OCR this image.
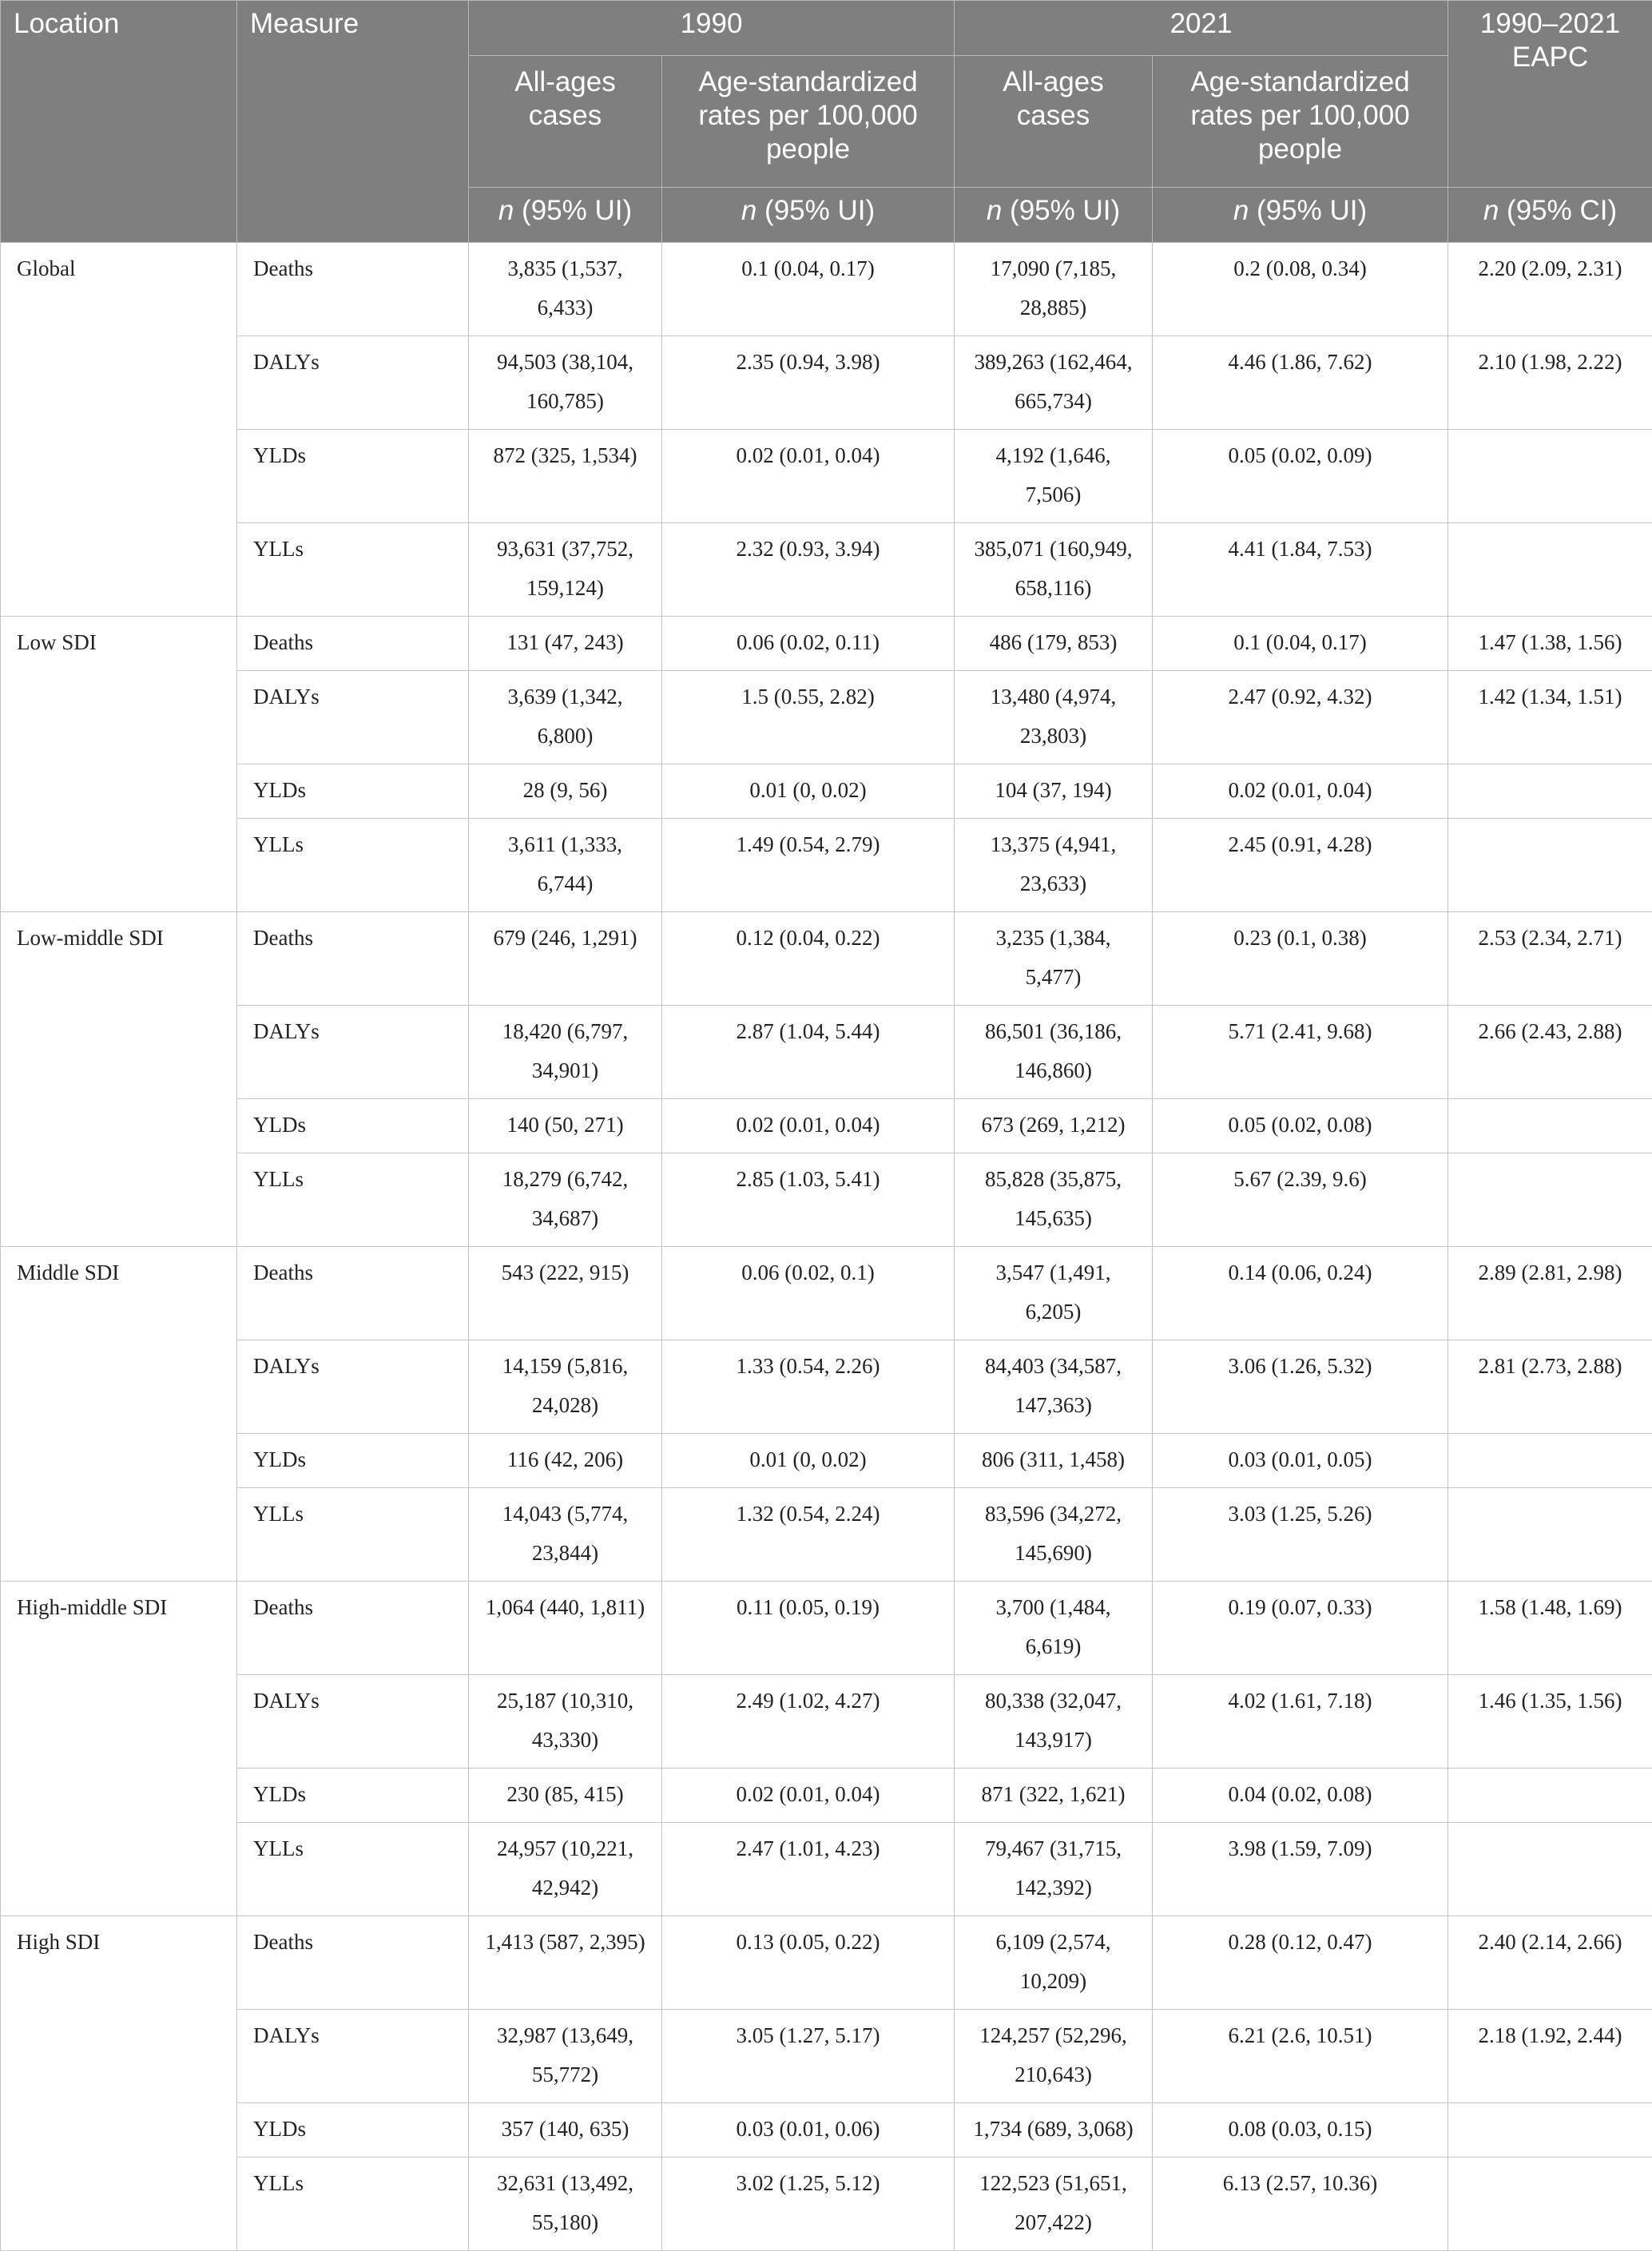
Location	Measure	1990		2021		1990–2021
EAPC
		All-ages cases	Age-standardized rates per 100,000 people	All-ages cases	Age-standardized rates per 100,000 people	
		n (95% UI)	n (95% UI)	n (95% UI)	n (95% UI)	n (95% CI)
Global	Deaths	3,835 (1,537, 6,433)	0.1 (0.04, 0.17)	17,090 (7,185, 28,885)	0.2 (0.08, 0.34)	2.20 (2.09, 2.31)
	DALYs	94,503 (38,104, 160,785)	2.35 (0.94, 3.98)	389,263 (162,464, 665,734)	4.46 (1.86, 7.62)	2.10 (1.98, 2.22)
	YLDs	872 (325, 1,534)	0.02 (0.01, 0.04)	4,192 (1,646, 7,506)	0.05 (0.02, 0.09)	
	YLLs	93,631 (37,752, 159,124)	2.32 (0.93, 3.94)	385,071 (160,949, 658,116)	4.41 (1.84, 7.53)	
Low SDI	Deaths	131 (47, 243)	0.06 (0.02, 0.11)	486 (179, 853)	0.1 (0.04, 0.17)	1.47 (1.38, 1.56)
	DALYs	3,639 (1,342, 6,800)	1.5 (0.55, 2.82)	13,480 (4,974, 23,803)	2.47 (0.92, 4.32)	1.42 (1.34, 1.51)
	YLDs	28 (9, 56)	0.01 (0, 0.02)	104 (37, 194)	0.02 (0.01, 0.04)	
	YLLs	3,611 (1,333, 6,744)	1.49 (0.54, 2.79)	13,375 (4,941, 23,633)	2.45 (0.91, 4.28)	
Low-middle SDI	Deaths	679 (246, 1,291)	0.12 (0.04, 0.22)	3,235 (1,384, 5,477)	0.23 (0.1, 0.38)	2.53 (2.34, 2.71)
	DALYs	18,420 (6,797, 34,901)	2.87 (1.04, 5.44)	86,501 (36,186, 146,860)	5.71 (2.41, 9.68)	2.66 (2.43, 2.88)
	YLDs	140 (50, 271)	0.02 (0.01, 0.04)	673 (269, 1,212)	0.05 (0.02, 0.08)	
	YLLs	18,279 (6,742, 34,687)	2.85 (1.03, 5.41)	85,828 (35,875, 145,635)	5.67 (2.39, 9.6)	
Middle SDI	Deaths	543 (222, 915)	0.06 (0.02, 0.1)	3,547 (1,491, 6,205)	0.14 (0.06, 0.24)	2.89 (2.81, 2.98)
	DALYs	14,159 (5,816, 24,028)	1.33 (0.54, 2.26)	84,403 (34,587, 147,363)	3.06 (1.26, 5.32)	2.81 (2.73, 2.88)
	YLDs	116 (42, 206)	0.01 (0, 0.02)	806 (311, 1,458)	0.03 (0.01, 0.05)	
	YLLs	14,043 (5,774, 23,844)	1.32 (0.54, 2.24)	83,596 (34,272, 145,690)	3.03 (1.25, 5.26)	
High-middle SDI	Deaths	1,064 (440, 1,811)	0.11 (0.05, 0.19)	3,700 (1,484, 6,619)	0.19 (0.07, 0.33)	1.58 (1.48, 1.69)
	DALYs	25,187 (10,310, 43,330)	2.49 (1.02, 4.27)	80,338 (32,047, 143,917)	4.02 (1.61, 7.18)	1.46 (1.35, 1.56)
	YLDs	230 (85, 415)	0.02 (0.01, 0.04)	871 (322, 1,621)	0.04 (0.02, 0.08)	
	YLLs	24,957 (10,221, 42,942)	2.47 (1.01, 4.23)	79,467 (31,715, 142,392)	3.98 (1.59, 7.09)	
High SDI	Deaths	1,413 (587, 2,395)	0.13 (0.05, 0.22)	6,109 (2,574, 10,209)	0.28 (0.12, 0.47)	2.40 (2.14, 2.66)
	DALYs	32,987 (13,649, 55,772)	3.05 (1.27, 5.17)	124,257 (52,296, 210,643)	6.21 (2.6, 10.51)	2.18 (1.92, 2.44)
	YLDs	357 (140, 635)	0.03 (0.01, 0.06)	1,734 (689, 3,068)	0.08 (0.03, 0.15)	
	YLLs	32,631 (13,492, 55,180)	3.02 (1.25, 5.12)	122,523 (51,651, 207,422)	6.13 (2.57, 10.36)	
